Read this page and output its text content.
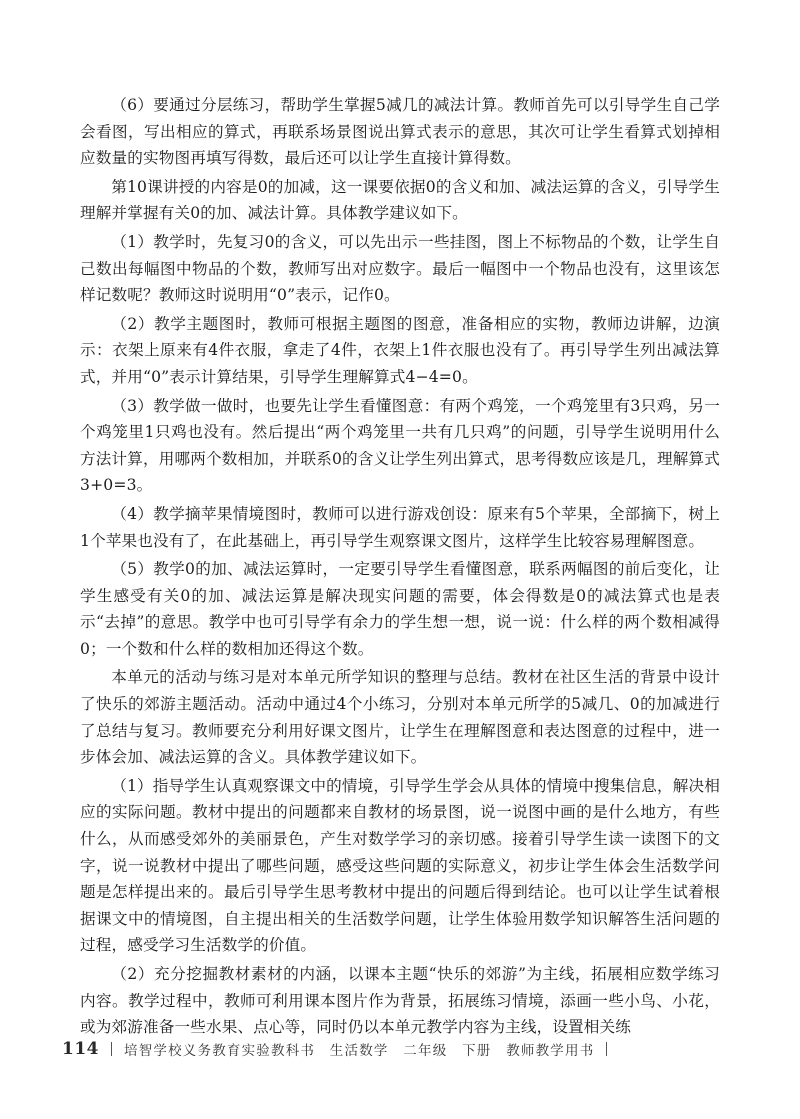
（6）要通过分层练习，帮助学生掌握5减几的减法计算。教师首先可以引导学生自己学会看图，写出相应的算式，再联系场景图说出算式表示的意思，其次可让学生看算式划掉相应数量的实物图再填写得数，最后还可以让学生直接计算得数。

第10课讲授的内容是0的加减，这一课要依据0的含义和加、减法运算的含义，引导学生理解并掌握有关0的加、减法计算。具体教学建议如下。

（1）教学时，先复习0的含义，可以先出示一些挂图，图上不标物品的个数，让学生自己数出每幅图中物品的个数，教师写出对应数字。最后一幅图中一个物品也没有，这里该怎样记数呢？教师这时说明用“0”表示，记作0。

（2）教学主题图时，教师可根据主题图的图意，准备相应的实物，教师边讲解，边演示：衣架上原来有4件衣服，拿走了4件，衣架上1件衣服也没有了。再引导学生列出减法算式，并用“0”表示计算结果，引导学生理解算式4−4=0。

（3）教学做一做时，也要先让学生看懂图意：有两个鸡笼，一个鸡笼里有3只鸡，另一个鸡笼里1只鸡也没有。然后提出“两个鸡笼里一共有几只鸡”的问题，引导学生说明用什么方法计算，用哪两个数相加，并联系0的含义让学生列出算式，思考得数应该是几，理解算式3+0=3。

（4）教学摘苹果情境图时，教师可以进行游戏创设：原来有5个苹果，全部摘下，树上1个苹果也没有了，在此基础上，再引导学生观察课文图片，这样学生比较容易理解图意。

（5）教学0的加、减法运算时，一定要引导学生看懂图意，联系两幅图的前后变化，让学生感受有关0的加、减法运算是解决现实问题的需要，体会得数是0的减法算式也是表示“去掉”的意思。教学中也可引导学有余力的学生想一想，说一说：什么样的两个数相减得0；一个数和什么样的数相加还得这个数。

本单元的活动与练习是对本单元所学知识的整理与总结。教材在社区生活的背景中设计了快乐的郊游主题活动。活动中通过4个小练习，分别对本单元所学的5减几、0的加减进行了总结与复习。教师要充分利用好课文图片，让学生在理解图意和表达图意的过程中，进一步体会加、减法运算的含义。具体教学建议如下。

（1）指导学生认真观察课文中的情境，引导学生学会从具体的情境中搜集信息，解决相应的实际问题。教材中提出的问题都来自教材的场景图，说一说图中画的是什么地方，有些什么，从而感受郊外的美丽景色，产生对数学学习的亲切感。接着引导学生读一读图下的文字，说一说教材中提出了哪些问题，感受这些问题的实际意义，初步让学生体会生活数学问题是怎样提出来的。最后引导学生思考教材中提出的问题后得到结论。也可以让学生试着根据课文中的情境图，自主提出相关的生活数学问题，让学生体验用数学知识解答生活问题的过程，感受学习生活数学的价值。

（2）充分挖掘教材素材的内涵，以课本主题“快乐的郊游”为主线，拓展相应数学练习内容。教学过程中，教师可利用课本图片作为背景，拓展练习情境，添画一些小鸟、小花，或为郊游准备一些水果、点心等，同时仍以本单元教学内容为主线，设置相关练

114 培智学校义务教育实验教科书　生活数学　二年级　下册　教师教学用书
